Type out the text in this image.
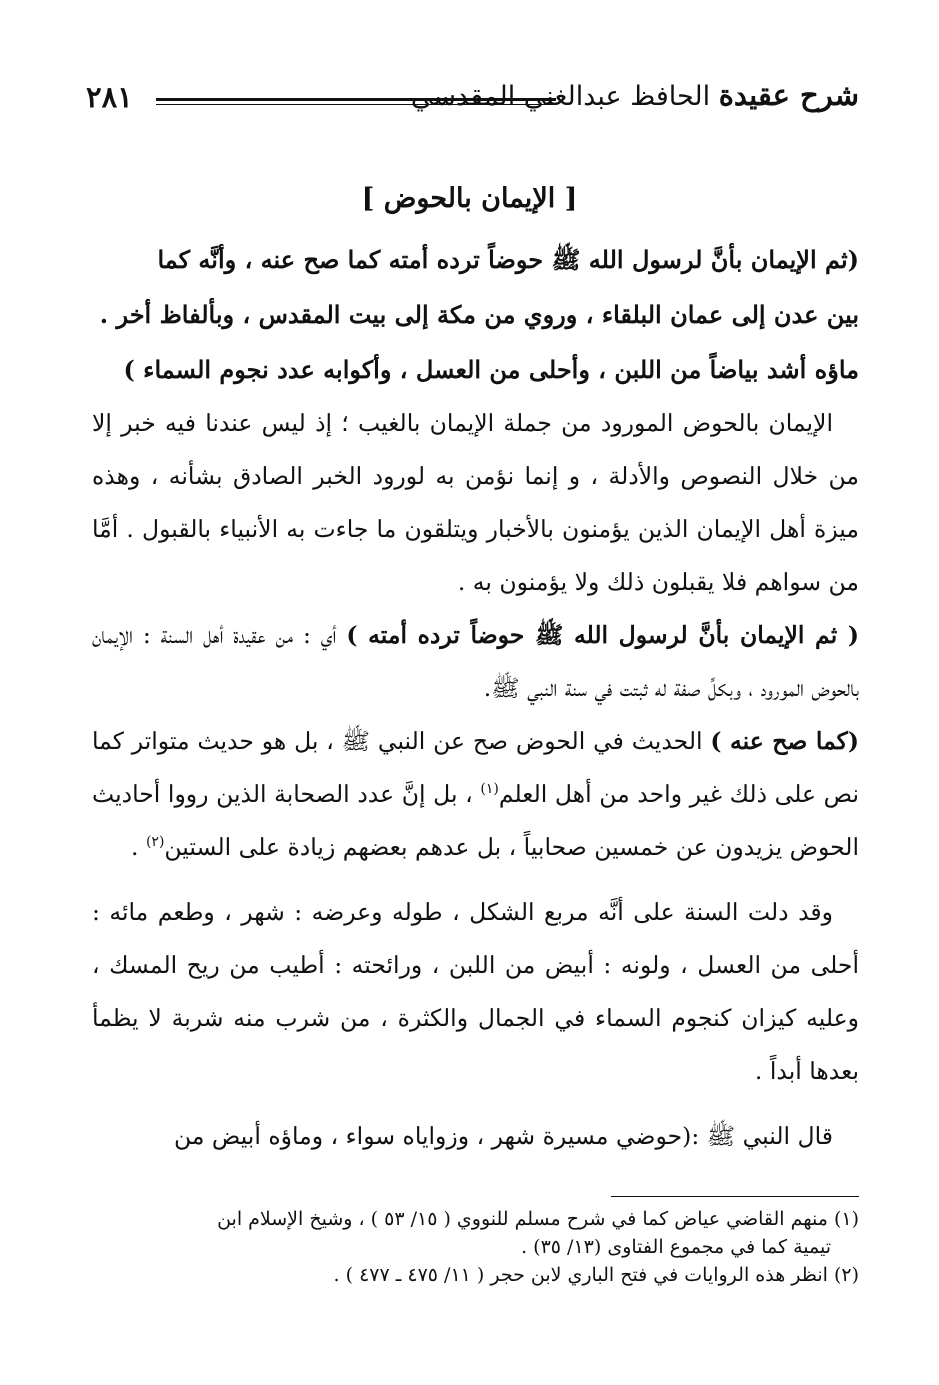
٢٨١	شرح عقيدة الحافظ عبدالغني المقدسي
[ الإيمان بالحوض ]

(ثم الإيمان بأنَّ لرسول الله ﷺ حوضاً ترده أمته كما صح عنه ، وأنَّه كما

بين عدن إلى عمان البلقاء ، وروي من مكة إلى بيت المقدس ، وبألفاظ أخر .

ماؤه أشد بياضاً من اللبن ، وأحلى من العسل ، وأكوابه عدد نجوم السماء )

الإيمان بالحوض المورود من جملة الإيمان بالغيب ؛ إذ ليس عندنا فيه خبر إلا من خلال النصوص والأدلة ، و إنما نؤمن به لورود الخبر الصادق بشأنه ، وهذه ميزة أهل الإيمان الذين يؤمنون بالأخبار ويتلقون ما جاءت به الأنبياء بالقبول . أمَّا من سواهم فلا يقبلون ذلك ولا يؤمنون به .

( ثم الإيمان بأنَّ لرسول الله ﷺ حوضاً ترده أمته ) أي : من عقيدة أهل السنة : الإيمان بالحوض المورود ، وبكلِّ صفة له ثبتت في سنة النبي ﷺ.

(كما صح عنه ) الحديث في الحوض صح عن النبي ﷺ ، بل هو حديث متواتر كما نص على ذلك غير واحد من أهل العلم$^{(١)}$ ، بل إنَّ عدد الصحابة الذين رووا أحاديث الحوض يزيدون عن خمسين صحابياً ، بل عدهم بعضهم زيادة على الستين$^{(٢)}$ .

وقد دلت السنة على أنَّه مربع الشكل ، طوله وعرضه : شهر ، وطعم مائه : أحلى من العسل ، ولونه : أبيض من اللبن ، ورائحته : أطيب من ريح المسك ، وعليه كيزان كنجوم السماء في الجمال والكثرة ، من شرب منه شربة لا يظمأ بعدها أبداً .

قال النبي ﷺ :(حوضي مسيرة شهر ، وزواياه سواء ، وماؤه أبيض من

(١) منهم القاضي عياض كما في شرح مسلم للنووي ( ١٥/ ٥٣ ) ، وشيخ الإسلام ابن

تيمية كما في مجموع الفتاوى (١٣/ ٣٥) .

(٢) انظر هذه الروايات في فتح الباري لابن حجر ( ١١/ ٤٧٥ ـ ٤٧٧ ) .
